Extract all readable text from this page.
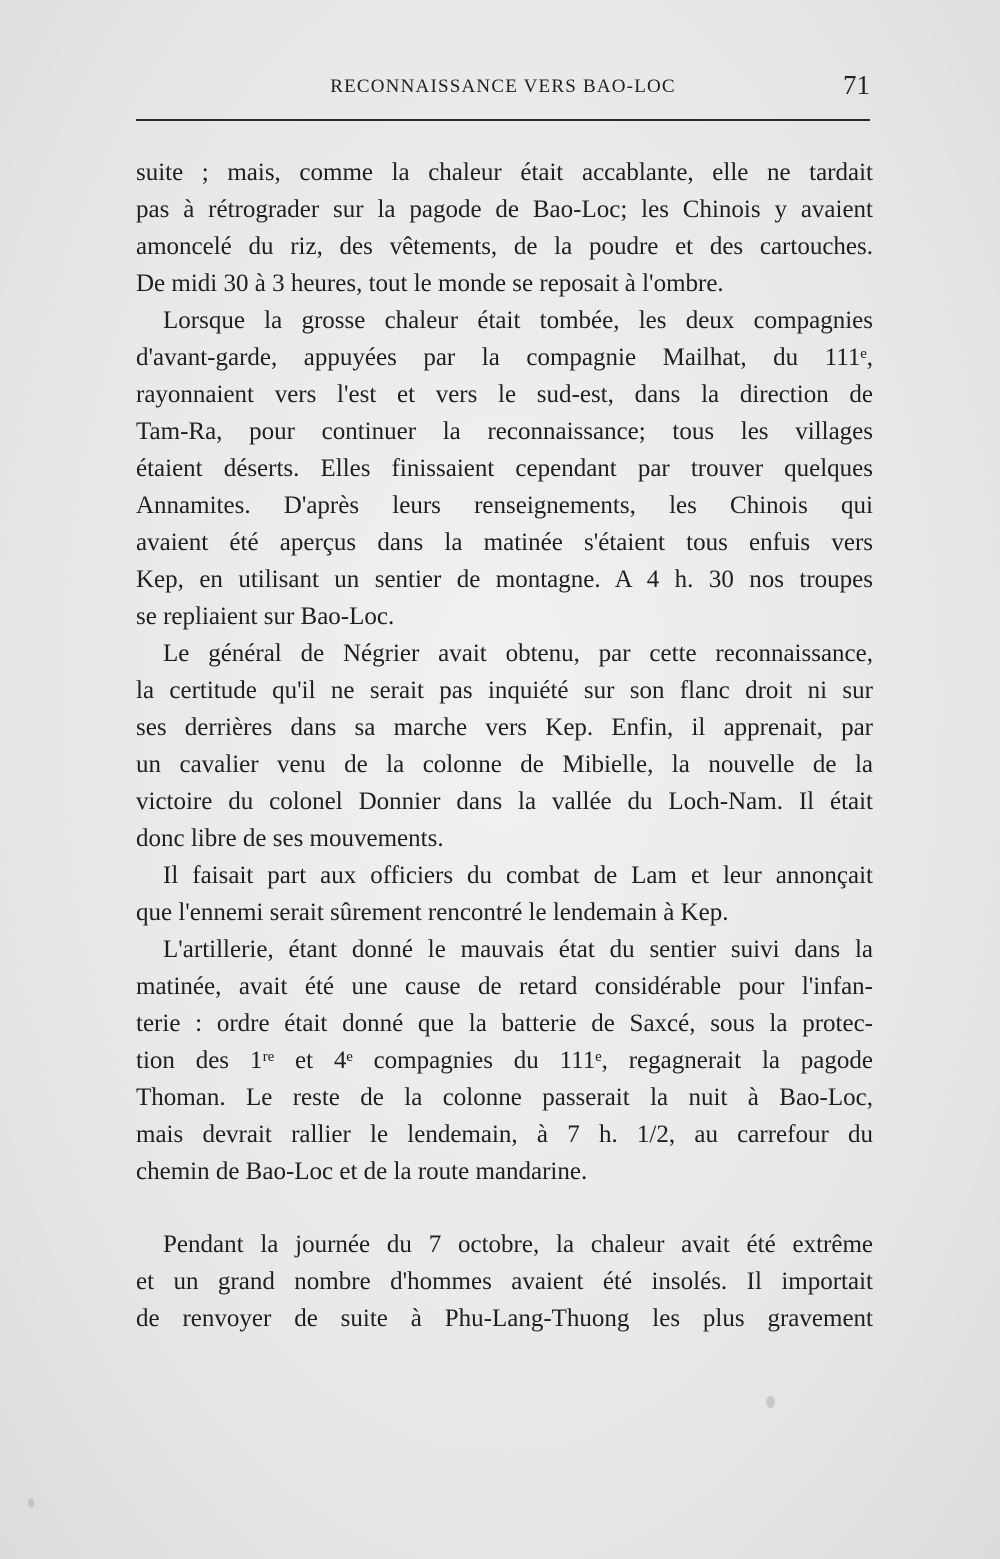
RECONNAISSANCE VERS BAO-LOC	71
suite ; mais, comme la chaleur était accablante, elle ne tardait
pas à rétrograder sur la pagode de Bao-Loc; les Chinois y avaient
amoncelé du riz, des vêtements, de la poudre et des cartouches.
De midi 30 à 3 heures, tout le monde se reposait à l'ombre.
Lorsque la grosse chaleur était tombée, les deux compagnies
d'avant-garde, appuyées par la compagnie Mailhat, du 111ᵉ,
rayonnaient vers l'est et vers le sud-est, dans la direction de
Tam-Ra, pour continuer la reconnaissance; tous les villages
étaient déserts. Elles finissaient cependant par trouver quelques
Annamites. D'après leurs renseignements, les Chinois qui
avaient été aperçus dans la matinée s'étaient tous enfuis vers
Kep, en utilisant un sentier de montagne. A 4 h. 30 nos troupes
se repliaient sur Bao-Loc.
Le général de Négrier avait obtenu, par cette reconnaissance,
la certitude qu'il ne serait pas inquiété sur son flanc droit ni sur
ses derrières dans sa marche vers Kep. Enfin, il apprenait, par
un cavalier venu de la colonne de Mibielle, la nouvelle de la
victoire du colonel Donnier dans la vallée du Loch-Nam. Il était
donc libre de ses mouvements.
Il faisait part aux officiers du combat de Lam et leur annonçait
que l'ennemi serait sûrement rencontré le lendemain à Kep.
L'artillerie, étant donné le mauvais état du sentier suivi dans la
matinée, avait été une cause de retard considérable pour l'infan-
terie : ordre était donné que la batterie de Saxcé, sous la protec-
tion des 1ʳᵉ et 4ᵉ compagnies du 111ᵉ, regagnerait la pagode
Thoman. Le reste de la colonne passerait la nuit à Bao-Loc,
mais devrait rallier le lendemain, à 7 h. 1/2, au carrefour du
chemin de Bao-Loc et de la route mandarine.
Pendant la journée du 7 octobre, la chaleur avait été extrême
et un grand nombre d'hommes avaient été insolés. Il importait
de renvoyer de suite à Phu-Lang-Thuong les plus gravement
